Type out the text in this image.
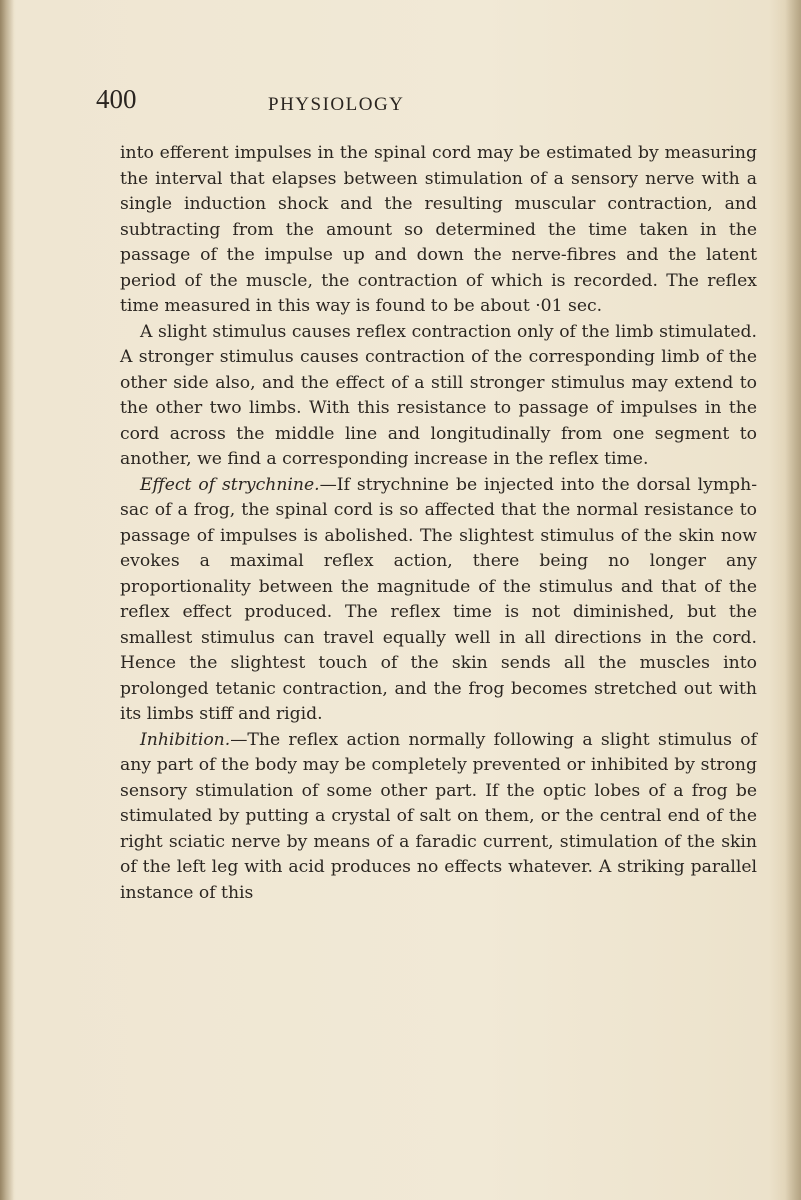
400	PHYSIOLOGY

into efferent impulses in the spinal cord may be estimated by measuring the interval that elapses between stimulation of a sensory nerve with a single induction shock and the resulting muscular contraction, and subtracting from the amount so determined the time taken in the passage of the impulse up and down the nerve-fibres and the latent period of the muscle, the contraction of which is recorded. The reflex time measured in this way is found to be about ·01 sec.

A slight stimulus causes reflex contraction only of the limb stimulated. A stronger stimulus causes contraction of the corresponding limb of the other side also, and the effect of a still stronger stimulus may extend to the other two limbs. With this resistance to passage of impulses in the cord across the middle line and longitudinally from one segment to another, we find a corresponding increase in the reflex time.

Effect of strychnine.—If strychnine be injected into the dorsal lymph-sac of a frog, the spinal cord is so affected that the normal resistance to passage of impulses is abolished. The slightest stimulus of the skin now evokes a maximal reflex action, there being no longer any proportionality between the magnitude of the stimulus and that of the reflex effect produced. The reflex time is not diminished, but the smallest stimulus can travel equally well in all directions in the cord. Hence the slightest touch of the skin sends all the muscles into prolonged tetanic contraction, and the frog becomes stretched out with its limbs stiff and rigid.

Inhibition.—The reflex action normally following a slight stimulus of any part of the body may be completely prevented or inhibited by strong sensory stimulation of some other part. If the optic lobes of a frog be stimulated by putting a crystal of salt on them, or the central end of the right sciatic nerve by means of a faradic current, stimulation of the skin of the left leg with acid produces no effects whatever. A striking parallel instance of this
